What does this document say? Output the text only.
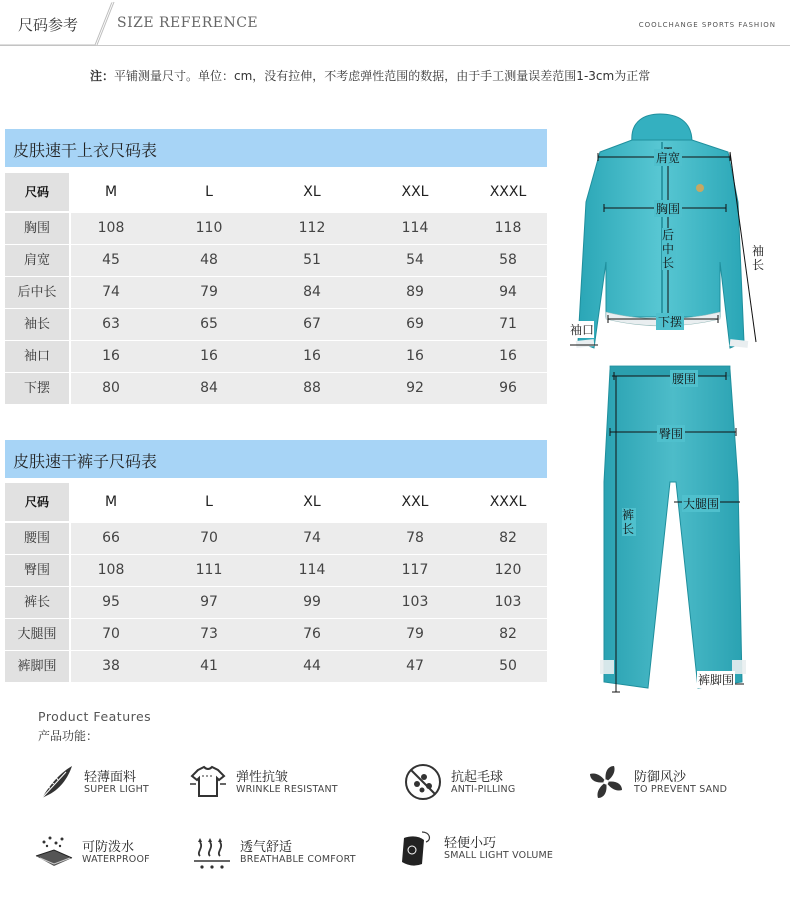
尺码参考	SIZE REFERENCE	COOLCHANGE SPORTS FASHION
注：平铺测量尺寸。单位：cm，没有拉伸，不考虑弹性范围的数据，由于手工测量误差范围1-3cm为正常
皮肤速干上衣尺码表
尺码	M	L	XL	XXL	XXXL
胸围	108	110	112	114	118
肩宽	45	48	51	54	58
后中长	74	79	84	89	94
袖长	63	65	67	69	71
袖口	16	16	16	16	16
下摆	80	84	88	92	96
皮肤速干裤子尺码表
尺码	M	L	XL	XXL	XXXL
腰围	66	70	74	78	82
臀围	108	111	114	117	120
裤长	95	97	99	103	103
大腿围	70	73	76	79	82
裤脚围	38	41	44	47	50
肩宽
胸围
后中长
袖长
袖口
下摆
腰围
臀围
裤长
大腿围
裤脚围
Product Features
产品功能：
轻薄面料
SUPER LIGHT
弹性抗皱
WRINKLE RESISTANT
抗起毛球
ANTI-PILLING
防御风沙
TO PREVENT SAND
可防泼水
WATERPROOF
透气舒适
BREATHABLE COMFORT
轻便小巧
SMALL LIGHT VOLUME
